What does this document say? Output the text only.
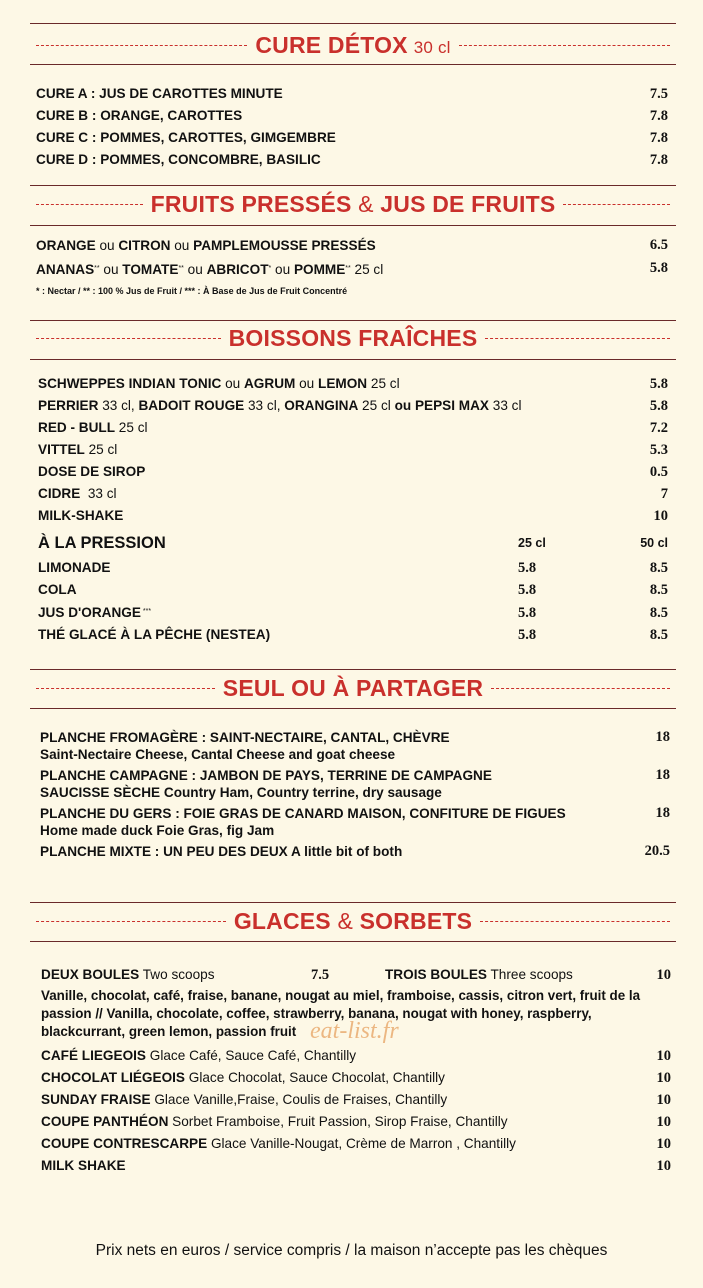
CURE DÉTOX 30 cl
CURE A : JUS DE CAROTTES MINUTE	7.5
CURE B : ORANGE, CAROTTES	7.8
CURE C : POMMES, CAROTTES, GIMGEMBRE	7.8
CURE D : POMMES, CONCOMBRE, BASILIC	7.8
FRUITS PRESSÉS & JUS DE FRUITS
ORANGE ou CITRON ou PAMPLEMOUSSE PRESSÉS	6.5
ANANAS** ou TOMATE** ou ABRICOT* ou POMME** 25 cl	5.8
* : Nectar / ** : 100 % Jus de Fruit / *** : À Base de Jus de Fruit Concentré
BOISSONS FRAÎCHES
SCHWEPPES INDIAN TONIC ou AGRUM ou LEMON 25 cl	5.8
PERRIER 33 cl, BADOIT ROUGE 33 cl, ORANGINA 25 cl ou PEPSI MAX 33 cl	5.8
RED - BULL 25 cl	7.2
VITTEL 25 cl	5.3
DOSE DE SIROP	0.5
CIDRE  33 cl	7
MILK-SHAKE	10
À LA PRESSION	25 cl	50 cl
LIMONADE	5.8	8.5
COLA	5.8	8.5
JUS D'ORANGE ***	5.8	8.5
THÉ GLACÉ À LA PÊCHE (NESTEA)	5.8	8.5
SEUL OU À PARTAGER
PLANCHE FROMAGÈRE : SAINT-NECTAIRE, CANTAL, CHÈVRE
Saint-Nectaire Cheese, Cantal Cheese and goat cheese
18
PLANCHE CAMPAGNE : JAMBON DE PAYS, TERRINE DE CAMPAGNE
SAUCISSE SÈCHE Country Ham, Country terrine, dry sausage
18
PLANCHE DU GERS : FOIE GRAS DE CANARD MAISON, CONFITURE DE FIGUES
Home made duck Foie Gras, fig Jam
18
PLANCHE MIXTE : UN PEU DES DEUX A little bit of both	20.5
GLACES & SORBETS
DEUX BOULES Two scoops	7.5	TROIS BOULES Three scoops	10
Vanille, chocolat, café, fraise, banane, nougat au miel, framboise, cassis, citron vert, fruit de la passion // Vanilla, chocolate, coffee, strawberry, banana, nougat with honey, raspberry, blackcurrant, green lemon, passion fruit
CAFÉ LIEGEOIS Glace Café, Sauce Café, Chantilly	10
CHOCOLAT LIÉGEOIS Glace Chocolat, Sauce Chocolat, Chantilly	10
SUNDAY FRAISE Glace Vanille,Fraise, Coulis de Fraises, Chantilly	10
COUPE PANTHÉON Sorbet Framboise, Fruit Passion, Sirop Fraise, Chantilly	10
COUPE CONTRESCARPE Glace Vanille-Nougat, Crème de Marron , Chantilly	10
MILK SHAKE	10
eat-list.fr
Prix nets en euros / service compris / la maison n’accepte pas les chèques
